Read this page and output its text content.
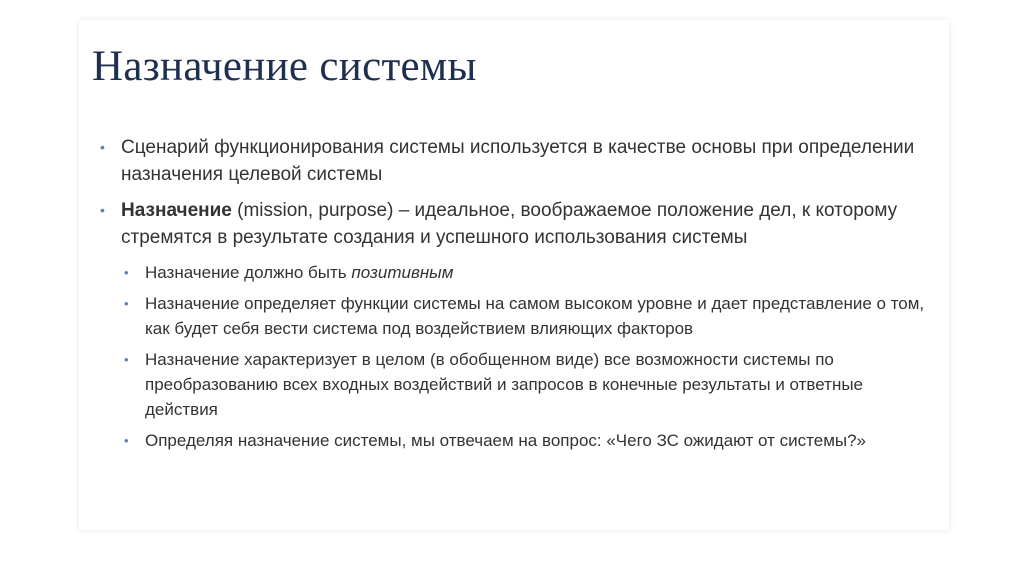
Назначение системы
• Сценарий функционирования системы используется в качестве основы при определении назначения целевой системы
• Назначение (mission, purpose) – идеальное, воображаемое положение дел, к которому стремятся в результате создания и успешного использования системы
• Назначение должно быть позитивным
• Назначение определяет функции системы на самом высоком уровне и дает представление о том, как будет себя вести система под воздействием влияющих факторов
• Назначение характеризует в целом (в обобщенном виде) все возможности системы по преобразованию всех входных воздействий и запросов в конечные результаты и ответные действия
• Определяя назначение системы, мы отвечаем на вопрос: «Чего ЗС ожидают от системы?»
